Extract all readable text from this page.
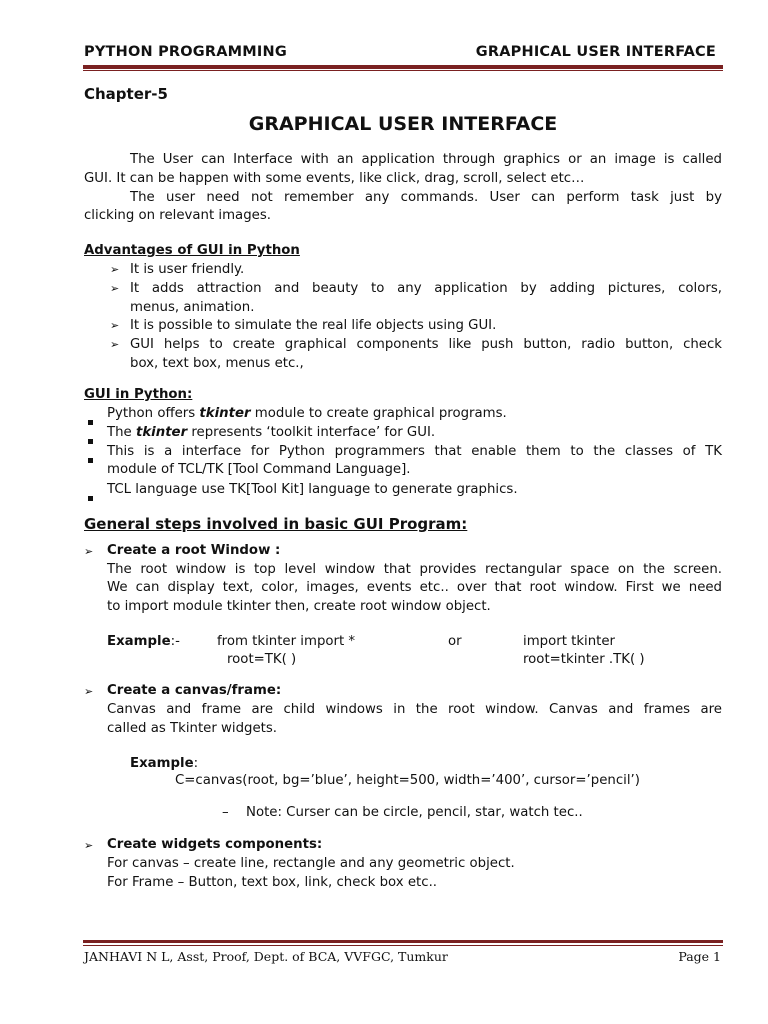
PYTHON PROGRAMMING	GRAPHICAL USER INTERFACE
Chapter-5
GRAPHICAL USER INTERFACE
The User can Interface with an application through graphics or an image is called
GUI. It can be happen with some events, like click, drag, scroll, select etc…
The user need not remember any commands. User can perform task just by
clicking on relevant images.
Advantages of GUI in Python
➢ It is user friendly.
➢ It adds attraction and beauty to any application by adding pictures, colors,
menus, animation.
➢ It is possible to simulate the real life objects using GUI.
➢ GUI helps to create graphical components like push button, radio button, check
box, text box, menus etc.,
GUI in Python:
Python offers tkinter module to create graphical programs.
The tkinter represents ‘toolkit interface’ for GUI.
This is a interface for Python programmers that enable them to the classes of TK
module of TCL/TK [Tool Command Language].
TCL language use TK[Tool Kit] language to generate graphics.
General steps involved in basic GUI Program:
➢ Create a root Window :
The root window is top level window that provides rectangular space on the screen.
We can display text, color, images, events etc.. over that root window. First we need
to import module tkinter then, create root window object.
Example:-	from tkinter import *	or	import tkinter
root=TK( )	root=tkinter .TK( )
➢ Create a canvas/frame:
Canvas and frame are child windows in the root window. Canvas and frames are
called as Tkinter widgets.
Example:
C=canvas(root, bg=’blue’, height=500, width=’400’, cursor=’pencil’)
– Note: Curser can be circle, pencil, star, watch tec..
➢ Create widgets components:
For canvas – create line, rectangle and any geometric object.
For Frame – Button, text box, link, check box etc..
JANHAVI N L, Asst, Proof, Dept. of BCA, VVFGC, Tumkur	Page 1
